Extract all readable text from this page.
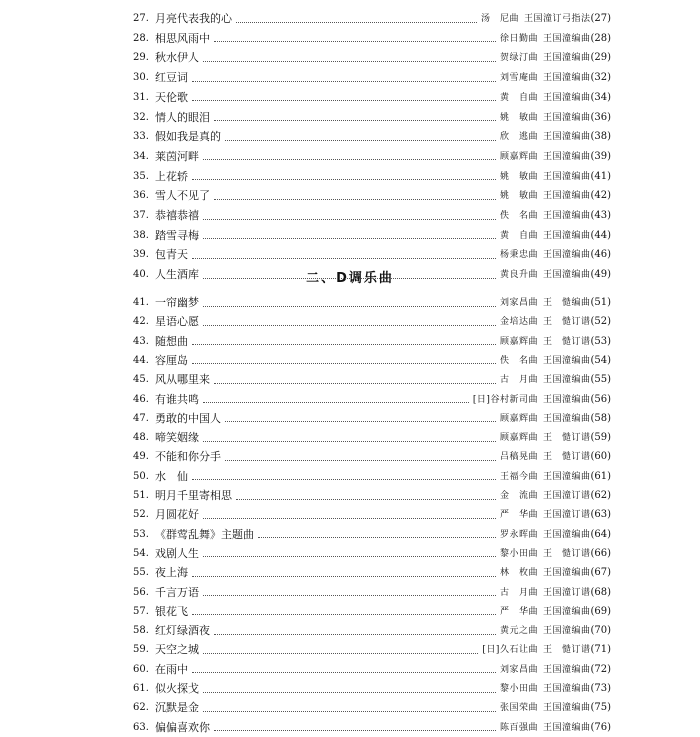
二、D调乐曲
27. 月亮代表我的心	汤　尼曲 王国潼订弓指法 (27)
28. 相思风雨中	徐日勤曲 王国潼编曲 (28)
29. 秋水伊人	贺绿汀曲 王国潼编曲 (29)
30. 红豆词	刘雪庵曲 王国潼编曲 (32)
31. 天伦歌	黄　自曲 王国潼编曲 (34)
32. 情人的眼泪	姚　敏曲 王国潼编曲 (36)
33. 假如我是真的	欣　逃曲 王国潼编曲 (38)
34. 莱茵河畔	顾嘉辉曲 王国潼编曲 (39)
35. 上花轿	姚　敏曲 王国潼编曲 (41)
36. 雪人不见了	姚　敏曲 王国潼编曲 (42)
37. 恭禧恭禧	佚　名曲 王国潼编曲 (43)
38. 踏雪寻梅	黄　自曲 王国潼编曲 (44)
39. 包青天	杨秉忠曲 王国潼编曲 (46)
40. 人生酒库	黄良升曲 王国潼编曲 (49)
41. 一帘幽梦	刘家昌曲 王　慥编曲 (51)
42. 星语心愿	金培达曲 王　慥订谱 (52)
43. 随想曲	顾嘉辉曲 王　慥订谱 (53)
44. 容厘岛	佚　名曲 王国潼编曲 (54)
45. 风从哪里来	古　月曲 王国潼编曲 (55)
46. 有谁共鸣	[日]谷村新司曲 王国潼编曲 (56)
47. 勇敢的中国人	顾嘉辉曲 王国潼编曲 (58)
48. 啼笑姻缘	顾嘉辉曲 王　慥订谱 (59)
49. 不能和你分手	吕稿晃曲 王　慥订谱 (60)
50. 水　仙	王福今曲 王国潼编曲 (61)
51. 明月千里寄相思	金　流曲 王国潼订谱 (62)
52. 月圆花好	严　华曲 王国潼订谱 (63)
53. 《群莺乱舞》主题曲	罗永晖曲 王国潼编曲 (64)
54. 戏剧人生	黎小田曲 王　慥订谱 (66)
55. 夜上海	林　枚曲 王国潼编曲 (67)
56. 千言万语	古　月曲 王国潼订谱 (68)
57. 银花飞	严　华曲 王国潼编曲 (69)
58. 红灯绿酒夜	黄元之曲 王国潼编曲 (70)
59. 天空之城	[日]久石让曲 王　慥订谱 (71)
60. 在雨中	刘家昌曲 王国潼编曲 (72)
61. 似火探戈	黎小田曲 王国潼编曲 (73)
62. 沉默是金	张国荣曲 王国潼编曲 (75)
63. 偏偏喜欢你	陈百强曲 王国潼编曲 (76)
